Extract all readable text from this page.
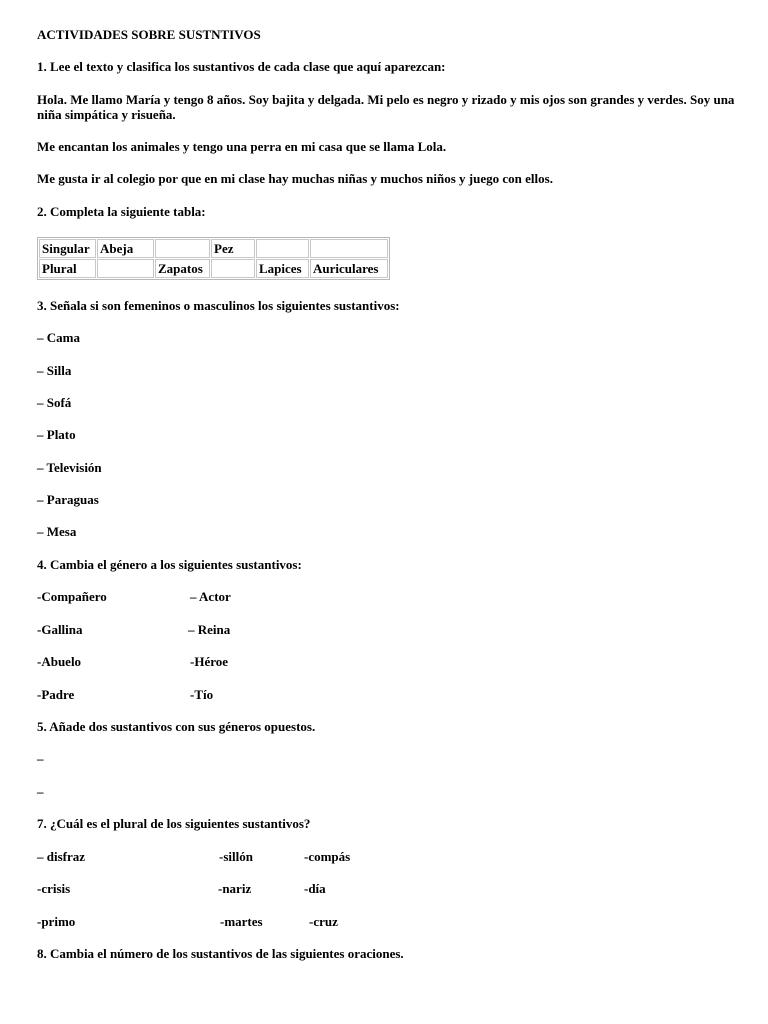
ACTIVIDADES SOBRE SUSTNTIVOS
1. Lee el texto y clasifica los sustantivos de cada clase que aquí aparezcan:
Hola. Me llamo María y tengo 8 años. Soy bajita y delgada. Mi pelo es negro y rizado y mis ojos son grandes y verdes. Soy una niña simpática y risueña.
Me encantan los animales y tengo una perra en mi casa que se llama Lola.
Me gusta ir al colegio por que en mi clase hay muchas niñas y muchos niños y juego con ellos.
2. Completa la siguiente tabla:
Singular	Abeja		Pez		
Plural		Zapatos		Lapices	Auriculares
3. Señala si son femeninos o masculinos los siguientes sustantivos:
– Cama
– Silla
– Sofá
– Plato
– Televisión
– Paraguas
– Mesa
4. Cambia el género a los siguientes sustantivos:
-Compañero	– Actor
-Gallina	– Reina
-Abuelo	-Héroe
-Padre	-Tío
5. Añade dos sustantivos con sus géneros opuestos.
–
–
7. ¿Cuál es el plural de los siguientes sustantivos?
– disfraz	-sillón	-compás
-crisis	-nariz	-día
-primo	-martes	-cruz
8. Cambia el número de los sustantivos de las siguientes oraciones.
